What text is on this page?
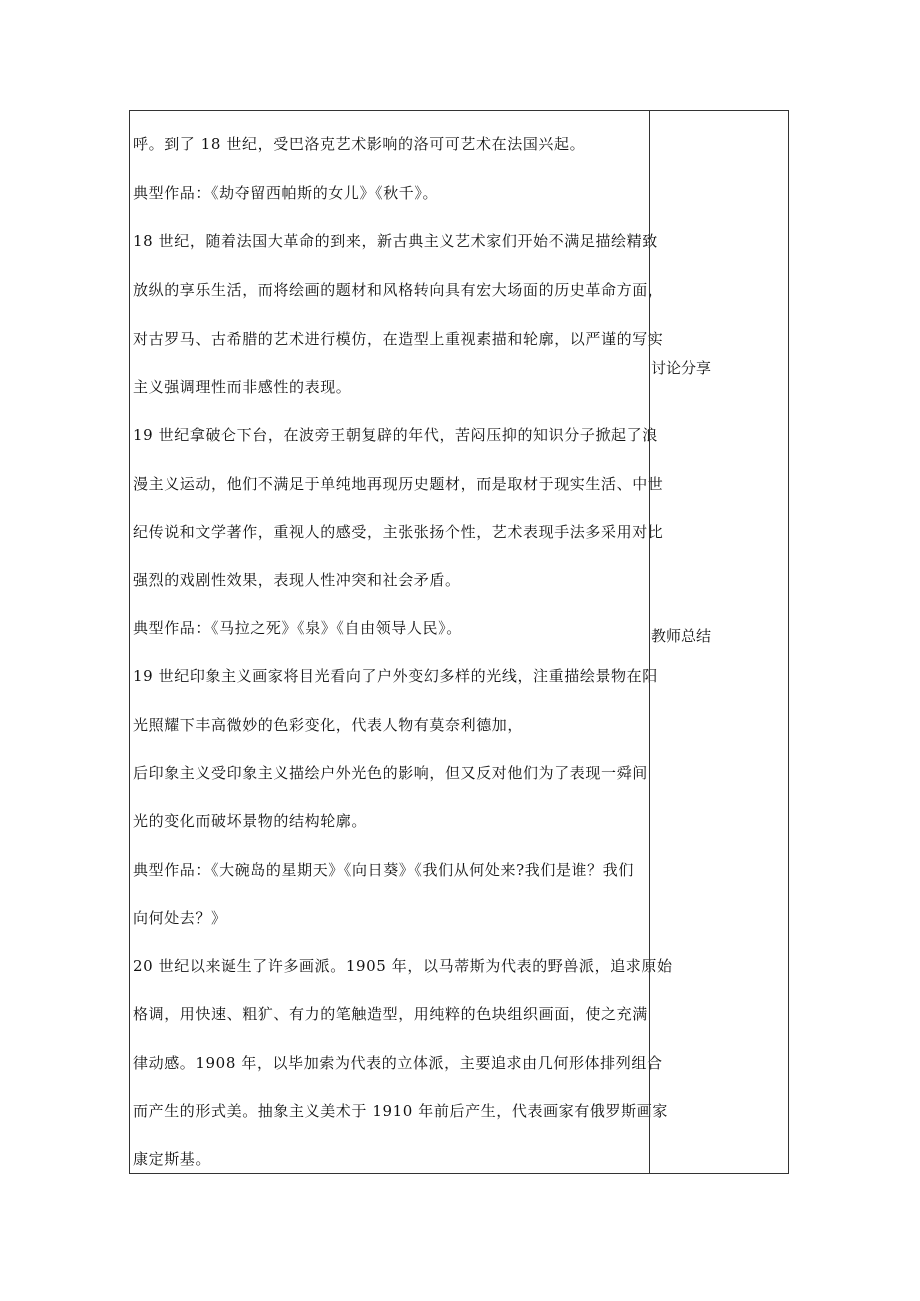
呼。到了 18 世纪，受巴洛克艺术影响的洛可可艺术在法国兴起。
典型作品：《劫夺留西帕斯的女儿》《秋千》。
18 世纪，随着法国大革命的到来，新古典主义艺术家们开始不满足描绘精致
放纵的享乐生活，而将绘画的题材和风格转向具有宏大场面的历史革命方面，
对古罗马、古希腊的艺术进行模仿，在造型上重视素描和轮廓，以严谨的写实
主义强调理性而非感性的表现。
19 世纪拿破仑下台，在波旁王朝复辟的年代，苦闷压抑的知识分子掀起了浪
漫主义运动，他们不满足于单纯地再现历史题材，而是取材于现实生活、中世
纪传说和文学著作，重视人的感受，主张张扬个性，艺术表现手法多采用对比
强烈的戏剧性效果，表现人性冲突和社会矛盾。
典型作品：《马拉之死》《泉》《自由领导人民》。
19 世纪印象主义画家将目光看向了户外变幻多样的光线，注重描绘景物在阳
光照耀下丰高微妙的色彩变化，代表人物有莫奈利德加，
后印象主义受印象主义描绘户外光色的影响，但又反对他们为了表现一舜间
光的变化而破坏景物的结构轮廓。
典型作品：《大碗岛的星期天》《向日葵》《我们从何处来?我们是谁？我们
向何处去？》
20 世纪以来诞生了许多画派。1905 年，以马蒂斯为代表的野兽派，追求原始
格调，用快速、粗犷、有力的笔触造型，用纯粹的色块组织画面，使之充满
律动感。1908 年，以毕加索为代表的立体派，主要追求由几何形体排列组合
而产生的形式美。抽象主义美术于 1910 年前后产生，代表画家有俄罗斯画家
康定斯基。
讨论分享
教师总结
